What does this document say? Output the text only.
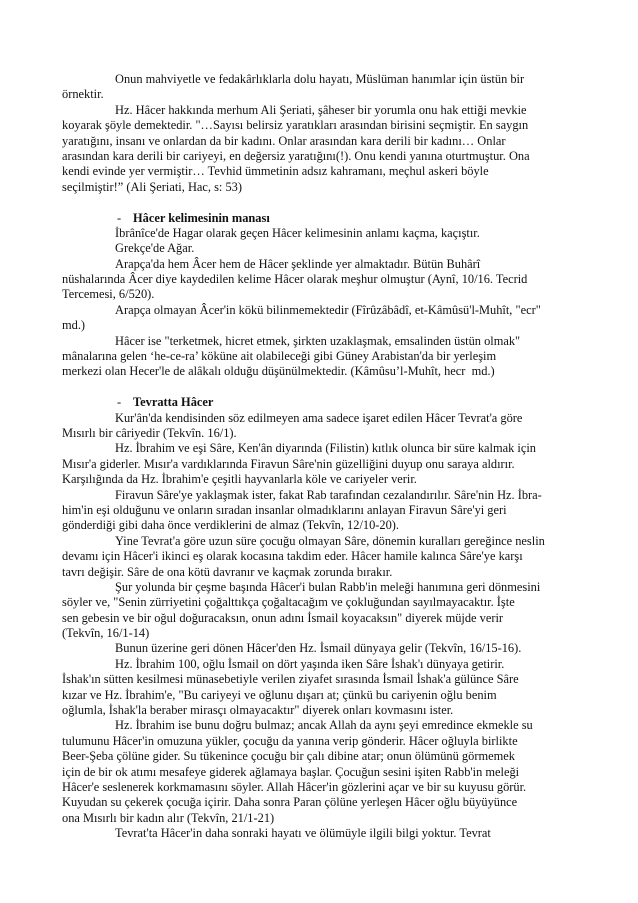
Onun mahviyetle ve fedakârlıklarla dolu hayatı, Müslüman hanımlar için üstün bir
örnektir.
Hz. Hâcer hakkında merhum Ali Şeriati, şâheser bir yorumla onu hak ettiği mevkie
koyarak şöyle demektedir. "…Sayısı belirsiz yaratıkları arasından birisini seçmiştir. En saygın
yaratığını, insanı ve onlardan da bir kadını. Onlar arasından kara derili bir kadını… Onlar
arasından kara derili bir cariyeyi, en değersiz yaratığını(!). Onu kendi yanına oturtmuştur. Ona
kendi evinde yer vermiştir… Tevhid ümmetinin adsız kahramanı, meçhul askeri böyle
seçilmiştir!” (Ali Şeriati, Hac, s: 53)
- Hâcer kelimesinin manası
İbrânîce'de Hagar olarak geçen Hâcer kelimesinin anlamı kaçma, kaçıştır.
Grekçe'de Ağar.
Arapça'da hem Âcer hem de Hâcer şeklinde yer almaktadır. Bütün Buhârî
nüshalarında Âcer diye kaydedilen kelime Hâcer olarak meşhur olmuştur (Aynî, 10/16. Tecrid
Tercemesi, 6/520).
Arapça olmayan Âcer'in kökü bilinmemektedir (Fîrûzâbâdî, et-Kâmûsü'l-Muhît, "ecr"
md.)
Hâcer ise "terketmek, hicret etmek, şirkten uzaklaşmak, emsalinden üstün olmak"
mânalarına gelen ‘he-ce-ra’ köküne ait olabileceği gibi Güney Arabistan'da bir yerleşim
merkezi olan Hecer'le de alâkalı olduğu düşünülmektedir. (Kâmûsu’l-Muhît, hecr  md.)
- Tevratta Hâcer
Kur'ân'da kendisinden söz edilmeyen ama sadece işaret edilen Hâcer Tevrat'a göre
Mısırlı bir câriyedir (Tekvîn. 16/1).
Hz. İbrahim ve eşi Sâre, Ken'ân diyarında (Filistin) kıtlık olunca bir süre kalmak için
Mısır'a giderler. Mısır'a vardıklarında Firavun Sâre'nin güzelliğini duyup onu saraya aldırır.
Karşılığında da Hz. İbrahim'e çeşitli hayvanlarla köle ve cariyeler verir.
Firavun Sâre'ye yaklaşmak ister, fakat Rab tarafından cezalandırılır. Sâre'nin Hz. İbra-
him'in eşi olduğunu ve onların sıradan insanlar olmadıklarını anlayan Firavun Sâre'yi geri
gönderdiği gibi daha önce verdiklerini de almaz (Tekvîn, 12/10-20).
Yine Tevrat'a göre uzun süre çocuğu olmayan Sâre, dönemin kuralları gereğince neslin
devamı için Hâcer'i ikinci eş olarak kocasına takdim eder. Hâcer hamile kalınca Sâre'ye karşı
tavrı değişir. Sâre de ona kötü davranır ve kaçmak zorunda bırakır.
Şur yolunda bir çeşme başında Hâcer'i bulan Rabb'in meleği hanımına geri dönmesini
söyler ve, "Senin zürriyetini çoğalttıkça çoğaltacağım ve çokluğundan sayılmayacaktır. İşte
sen gebesin ve bir oğul doğuracaksın, onun adını İsmail koyacaksın" diyerek müjde verir
(Tekvîn, 16/1-14)
Bunun üzerine geri dönen Hâcer'den Hz. İsmail dünyaya gelir (Tekvîn, 16/15-16).
Hz. İbrahim 100, oğlu İsmail on dört yaşında iken Sâre İshak'ı dünyaya getirir.
İshak'ın sütten kesilmesi münasebetiyle verilen ziyafet sırasında İsmail İshak'a gülünce Sâre
kızar ve Hz. İbrahim'e, "Bu cariyeyi ve oğlunu dışarı at; çünkü bu cariyenin oğlu benim
oğlumla, İshak'la beraber mirasçı olmayacaktır" diyerek onları kovmasını ister.
Hz. İbrahim ise bunu doğru bulmaz; ancak Allah da aynı şeyi emredince ekmekle su
tulumunu Hâcer'in omuzuna yükler, çocuğu da yanına verip gönderir. Hâcer oğluyla birlikte
Beer-Şeba çölüne gider. Su tükenince çocuğu bir çalı dibine atar; onun ölümünü görmemek
için de bir ok atımı mesafeye giderek ağlamaya başlar. Çocuğun sesini işiten Rabb'in meleği
Hâcer'e seslenerek korkmamasını söyler. Allah Hâcer'in gözlerini açar ve bir su kuyusu görür.
Kuyudan su çekerek çocuğa içirir. Daha sonra Paran çölüne yerleşen Hâcer oğlu büyüyünce
ona Mısırlı bir kadın alır (Tekvîn, 21/1-21)
Tevrat'ta Hâcer'in daha sonraki hayatı ve ölümüyle ilgili bilgi yoktur. Tevrat
